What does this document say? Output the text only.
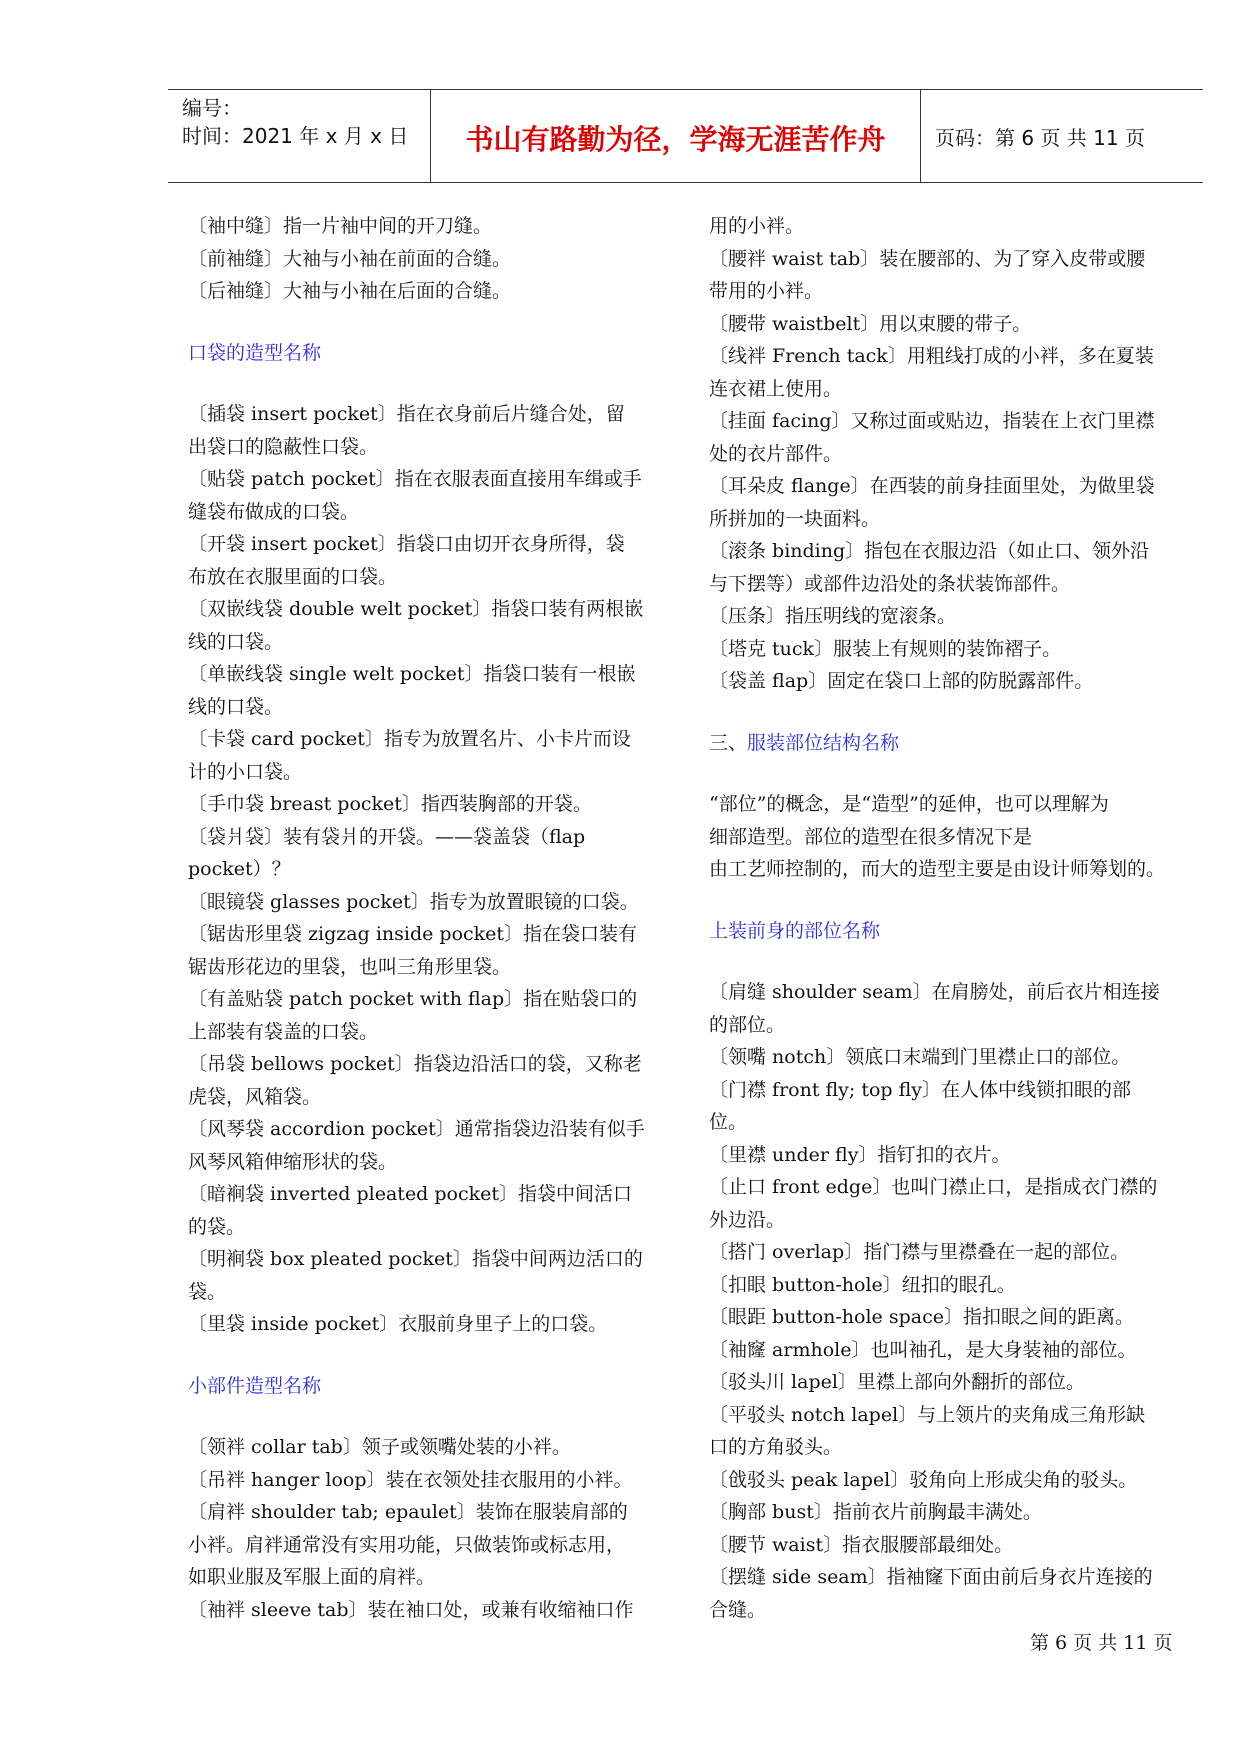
编号：
时间：2021 年 x 月 x 日	书山有路勤为径，学海无涯苦作舟	页码：第 6 页 共 11 页
〔袖中缝〕指一片袖中间的开刀缝。
〔前袖缝〕大袖与小袖在前面的合缝。
〔后袖缝〕大袖与小袖在后面的合缝。
口袋的造型名称
〔插袋 insert pocket〕指在衣身前后片缝合处，留
出袋口的隐蔽性口袋。
〔贴袋 patch pocket〕指在衣服表面直接用车缉或手
缝袋布做成的口袋。
〔开袋 insert pocket〕指袋口由切开衣身所得，袋
布放在衣服里面的口袋。
〔双嵌线袋 double welt pocket〕指袋口装有两根嵌
线的口袋。
〔单嵌线袋 single welt pocket〕指袋口装有一根嵌
线的口袋。
〔卡袋 card pocket〕指专为放置名片、小卡片而设
计的小口袋。
〔手巾袋 breast pocket〕指西装胸部的开袋。
〔袋爿袋〕装有袋爿的开袋。——袋盖袋（flap
pocket）？
〔眼镜袋 glasses pocket〕指专为放置眼镜的口袋。
〔锯齿形里袋 zigzag inside pocket〕指在袋口装有
锯齿形花边的里袋，也叫三角形里袋。
〔有盖贴袋 patch pocket with flap〕指在贴袋口的
上部装有袋盖的口袋。
〔吊袋 bellows pocket〕指袋边沿活口的袋，又称老
虎袋，风箱袋。
〔风琴袋 accordion pocket〕通常指袋边沿装有似手
风琴风箱伸缩形状的袋。
〔暗裥袋 inverted pleated pocket〕指袋中间活口
的袋。
〔明裥袋 box pleated pocket〕指袋中间两边活口的
袋。
〔里袋 inside pocket〕衣服前身里子上的口袋。
小部件造型名称
〔领袢 collar tab〕领子或领嘴处装的小袢。
〔吊袢 hanger loop〕装在衣领处挂衣服用的小袢。
〔肩袢 shoulder tab; epaulet〕装饰在服装肩部的
小袢。肩袢通常没有实用功能，只做装饰或标志用，
如职业服及军服上面的肩袢。
〔袖袢 sleeve tab〕装在袖口处，或兼有收缩袖口作
用的小袢。
〔腰袢 waist tab〕装在腰部的、为了穿入皮带或腰
带用的小袢。
〔腰带 waistbelt〕用以束腰的带子。
〔线袢 French tack〕用粗线打成的小袢，多在夏装
连衣裙上使用。
〔挂面 facing〕又称过面或贴边，指装在上衣门里襟
处的衣片部件。
〔耳朵皮 flange〕在西装的前身挂面里处，为做里袋
所拼加的一块面料。
〔滚条 binding〕指包在衣服边沿（如止口、领外沿
与下摆等）或部件边沿处的条状装饰部件。
〔压条〕指压明线的宽滚条。
〔塔克 tuck〕服装上有规则的装饰褶子。
〔袋盖 flap〕固定在袋口上部的防脱露部件。
三、服装部位结构名称
“部位”的概念，是“造型”的延伸，也可以理解为
细部造型。部位的造型在很多情况下是
由工艺师控制的，而大的造型主要是由设计师筹划的。
上装前身的部位名称
〔肩缝 shoulder seam〕在肩膀处，前后衣片相连接
的部位。
〔领嘴 notch〕领底口末端到门里襟止口的部位。
〔门襟 front fly; top fly〕在人体中线锁扣眼的部
位。
〔里襟 under fly〕指钉扣的衣片。
〔止口 front edge〕也叫门襟止口，是指成衣门襟的
外边沿。
〔搭门 overlap〕指门襟与里襟叠在一起的部位。
〔扣眼 button-hole〕纽扣的眼孔。
〔眼距 button-hole space〕指扣眼之间的距离。
〔袖窿 armhole〕也叫袖孔，是大身装袖的部位。
〔驳头川 lapel〕里襟上部向外翻折的部位。
〔平驳头 notch lapel〕与上领片的夹角成三角形缺
口的方角驳头。
〔戗驳头 peak lapel〕驳角向上形成尖角的驳头。
〔胸部 bust〕指前衣片前胸最丰满处。
〔腰节 waist〕指衣服腰部最细处。
〔摆缝 side seam〕指袖窿下面由前后身衣片连接的
合缝。
第 6 页 共 11 页
